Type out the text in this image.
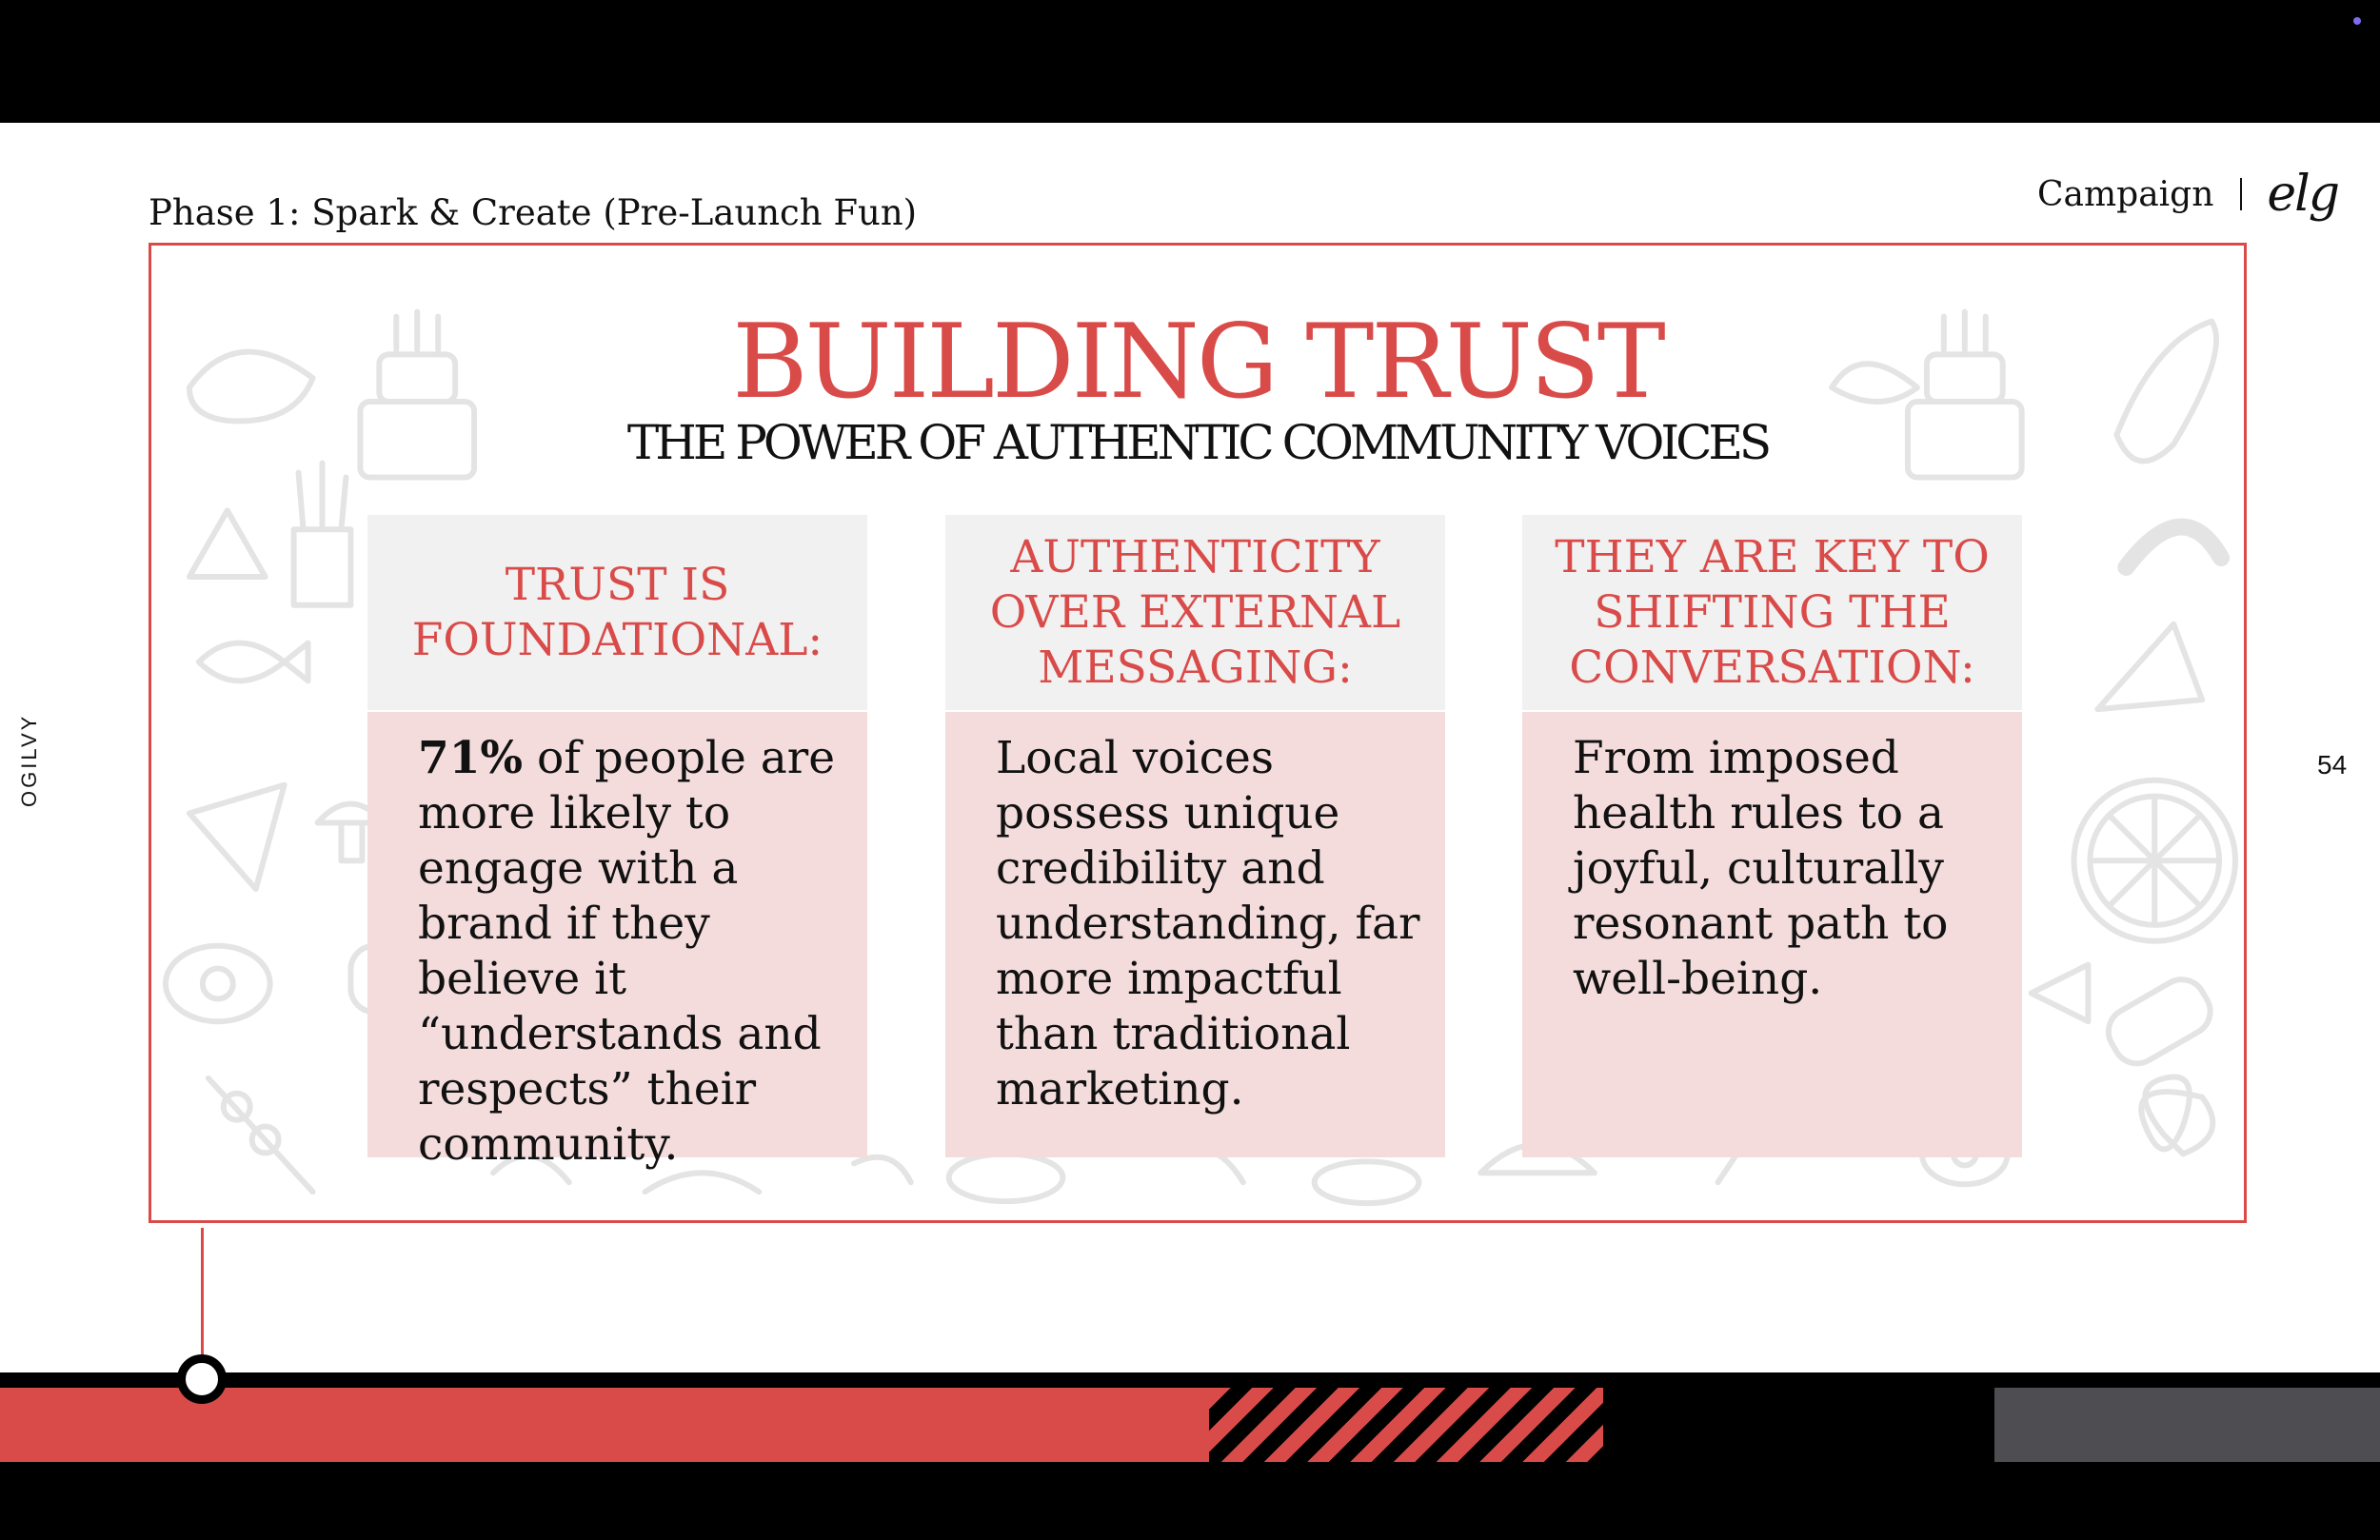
Phase 1: Spark & Create (Pre-Launch Fun)	Campaign elg
OGILVY	54
BUILDING TRUST
THE POWER OF AUTHENTIC COMMUNITY VOICES
TRUST IS FOUNDATIONAL:
71% of people are more likely to engage with a brand if they believe it “understands and respects” their community.
AUTHENTICITY OVER EXTERNAL MESSAGING:
Local voices possess unique credibility and understanding, far more impactful than traditional marketing.
THEY ARE KEY TO SHIFTING THE CONVERSATION:
From imposed health rules to a joyful, culturally resonant path to well-being.
